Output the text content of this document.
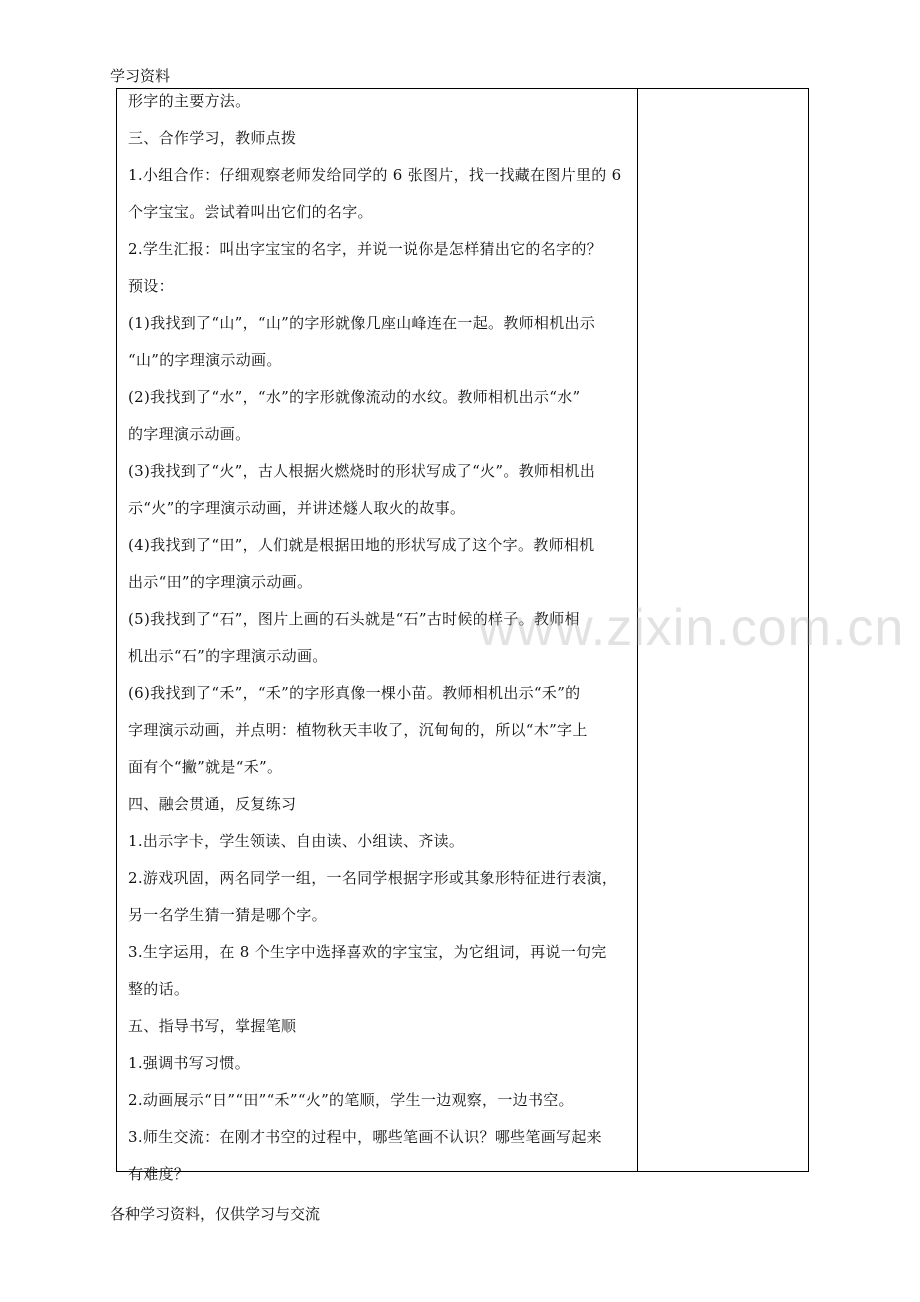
学习资料
形字的主要方法。
三、合作学习，教师点拨
1.小组合作：仔细观察老师发给同学的 6 张图片，找一找藏在图片里的 6
个字宝宝。尝试着叫出它们的名字。
2.学生汇报：叫出字宝宝的名字，并说一说你是怎样猜出它的名字的？
预设：
(1)我找到了“山”，“山”的字形就像几座山峰连在一起。教师相机出示
“山”的字理演示动画。
(2)我找到了“水”，“水”的字形就像流动的水纹。教师相机出示“水”
的字理演示动画。
(3)我找到了“火”，古人根据火燃烧时的形状写成了“火”。教师相机出
示“火”的字理演示动画，并讲述燧人取火的故事。
(4)我找到了“田”，人们就是根据田地的形状写成了这个字。教师相机
出示“田”的字理演示动画。
(5)我找到了“石”，图片上画的石头就是“石”古时候的样子。教师相
机出示“石”的字理演示动画。
(6)我找到了“禾”，“禾”的字形真像一棵小苗。教师相机出示“禾”的
字理演示动画，并点明：植物秋天丰收了，沉甸甸的，所以“木”字上
面有个“撇”就是“禾”。
四、融会贯通，反复练习
1.出示字卡，学生领读、自由读、小组读、齐读。
2.游戏巩固，两名同学一组，一名同学根据字形或其象形特征进行表演，
另一名学生猜一猜是哪个字。
3.生字运用，在 8 个生字中选择喜欢的字宝宝，为它组词，再说一句完
整的话。
五、指导书写，掌握笔顺
1.强调书写习惯。
2.动画展示“日”“田”“禾”“火”的笔顺，学生一边观察，一边书空。
3.师生交流：在刚才书空的过程中，哪些笔画不认识？哪些笔画写起来
有难度？
www.zixin.com.cn
各种学习资料，仅供学习与交流
